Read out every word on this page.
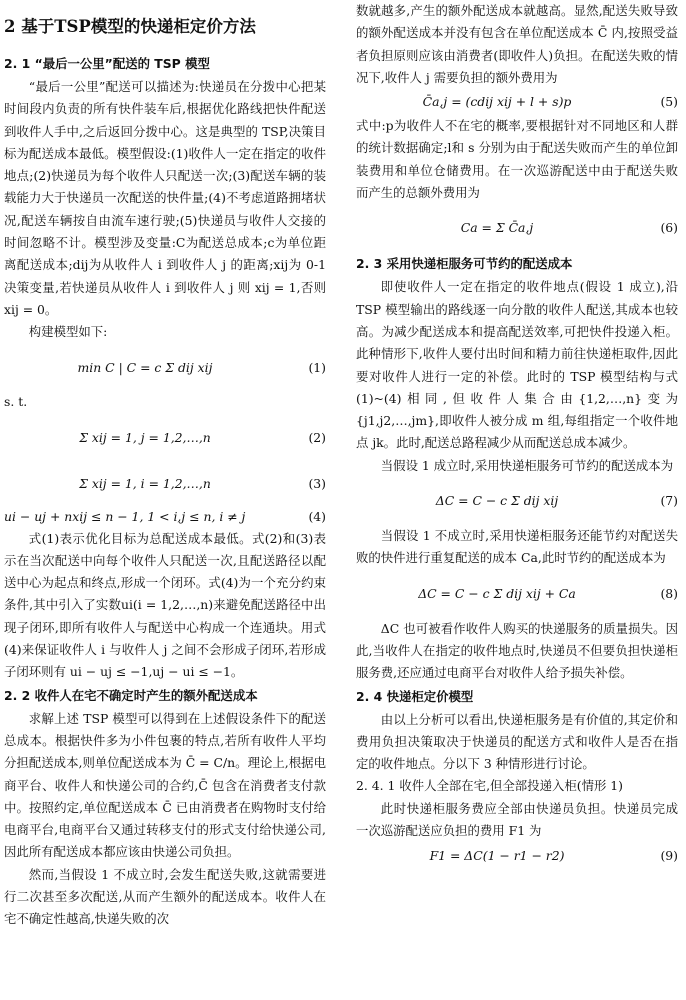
2 基于TSP模型的快递柜定价方法
2. 1 “最后一公里”配送的 TSP 模型

“最后一公里”配送可以描述为:快递员在分拨中心把某时间段内负责的所有快件装车后,根据优化路线把快件配送到收件人手中,之后返回分拨中心。这是典型的 TSP,决策目标为配送成本最低。模型假设:(1)收件人一定在指定的收件地点;(2)快递员为每个收件人只配送一次;(3)配送车辆的装载能力大于快递员一次配送的快件量;(4)不考虑道路拥堵状况,配送车辆按自由流车速行驶;(5)快递员与收件人交接的时间忽略不计。模型涉及变量:C为配送总成本;c为单位距离配送成本;dij为从收件人 i 到收件人 j 的距离;xij为 0-1 决策变量,若快递员从收件人 i 到收件人 j 则 xij = 1,否则xij = 0。

构建模型如下:

min C | C = c Σ dij xij	(1)
s. t.
Σ xij = 1, j = 1,2,…,n	(2)
Σ xij = 1, i = 1,2,…,n	(3)
ui − uj + nxij ≤ n − 1, 1 < i,j ≤ n, i ≠ j	(4)

式(1)表示优化目标为总配送成本最低。式(2)和(3)表示在当次配送中向每个收件人只配送一次,且配送路径以配送中心为起点和终点,形成一个闭环。式(4)为一个充分约束条件,其中引入了实数ui(i = 1,2,…,n)来避免配送路径中出现子闭环,即所有收件人与配送中心构成一个连通块。用式(4)来保证收件人 i 与收件人 j 之间不会形成子闭环,若形成子闭环则有 ui − uj ≤ −1,uj − ui ≤ −1。

2. 2 收件人在宅不确定时产生的额外配送成本

求解上述 TSP 模型可以得到在上述假设条件下的配送总成本。根据快件多为小件包裹的特点,若所有收件人平均分担配送成本,则单位配送成本为 C̄ = C/n。理论上,根据电商平台、收件人和快递公司的合约,C̄ 包含在消费者支付款中。按照约定,单位配送成本 C̄ 已由消费者在购物时支付给电商平台,电商平台又通过转移支付的形式支付给快递公司,因此所有配送成本都应该由快递公司负担。

然而,当假设 1 不成立时,会发生配送失败,这就需要进行二次甚至多次配送,从而产生额外的配送成本。收件人在宅不确定性越高,快递失败的次

数就越多,产生的额外配送成本就越高。显然,配送失败导致的额外配送成本并没有包含在单位配送成本 C̄ 内,按照受益者负担原则应该由消费者(即收件人)负担。在配送失败的情况下,收件人 j 需要负担的额外费用为

C̄a,j = (cdij xij + l + s)p	(5)

式中:p为收件人不在宅的概率,要根据针对不同地区和人群的统计数据确定;l和 s 分别为由于配送失败而产生的单位卸装费用和单位仓储费用。在一次巡游配送中由于配送失败而产生的总额外费用为

Ca = Σ C̄a,j	(6)
2. 3 采用快递柜服务可节约的配送成本

即使收件人一定在指定的收件地点(假设 1 成立),沿 TSP 模型输出的路线逐一向分散的收件人配送,其成本也较高。为减少配送成本和提高配送效率,可把快件投递入柜。此种情形下,收件人要付出时间和精力前往快递柜取件,因此要对收件人进行一定的补偿。此时的 TSP 模型结构与式(1)~(4)相同,但收件人集合由{1,2,…,n}变为{j1,j2,…,jm},即收件人被分成 m 组,每组指定一个收件地点 jk。此时,配送总路程减少从而配送总成本减少。

当假设 1 成立时,采用快递柜服务可节约的配送成本为

ΔC = C − c Σ dij xij	(7)

当假设 1 不成立时,采用快递柜服务还能节约对配送失败的快件进行重复配送的成本 Ca,此时节约的配送成本为

ΔC = C − c Σ dij xij + Ca	(8)

ΔC 也可被看作收件人购买的快递服务的质量损失。因此,当收件人在指定的收件地点时,快递员不但要负担快递柜服务费,还应通过电商平台对收件人给予损失补偿。

2. 4 快递柜定价模型

由以上分析可以看出,快递柜服务是有价值的,其定价和费用负担决策取决于快递员的配送方式和收件人是否在指定的收件地点。分以下 3 种情形进行讨论。

2. 4. 1 收件人全部在宅,但全部投递入柜(情形 1)

此时快递柜服务费应全部由快递员负担。快递员完成一次巡游配送应负担的费用 F1 为

F1 = ΔC(1 − r1 − r2)	(9)
